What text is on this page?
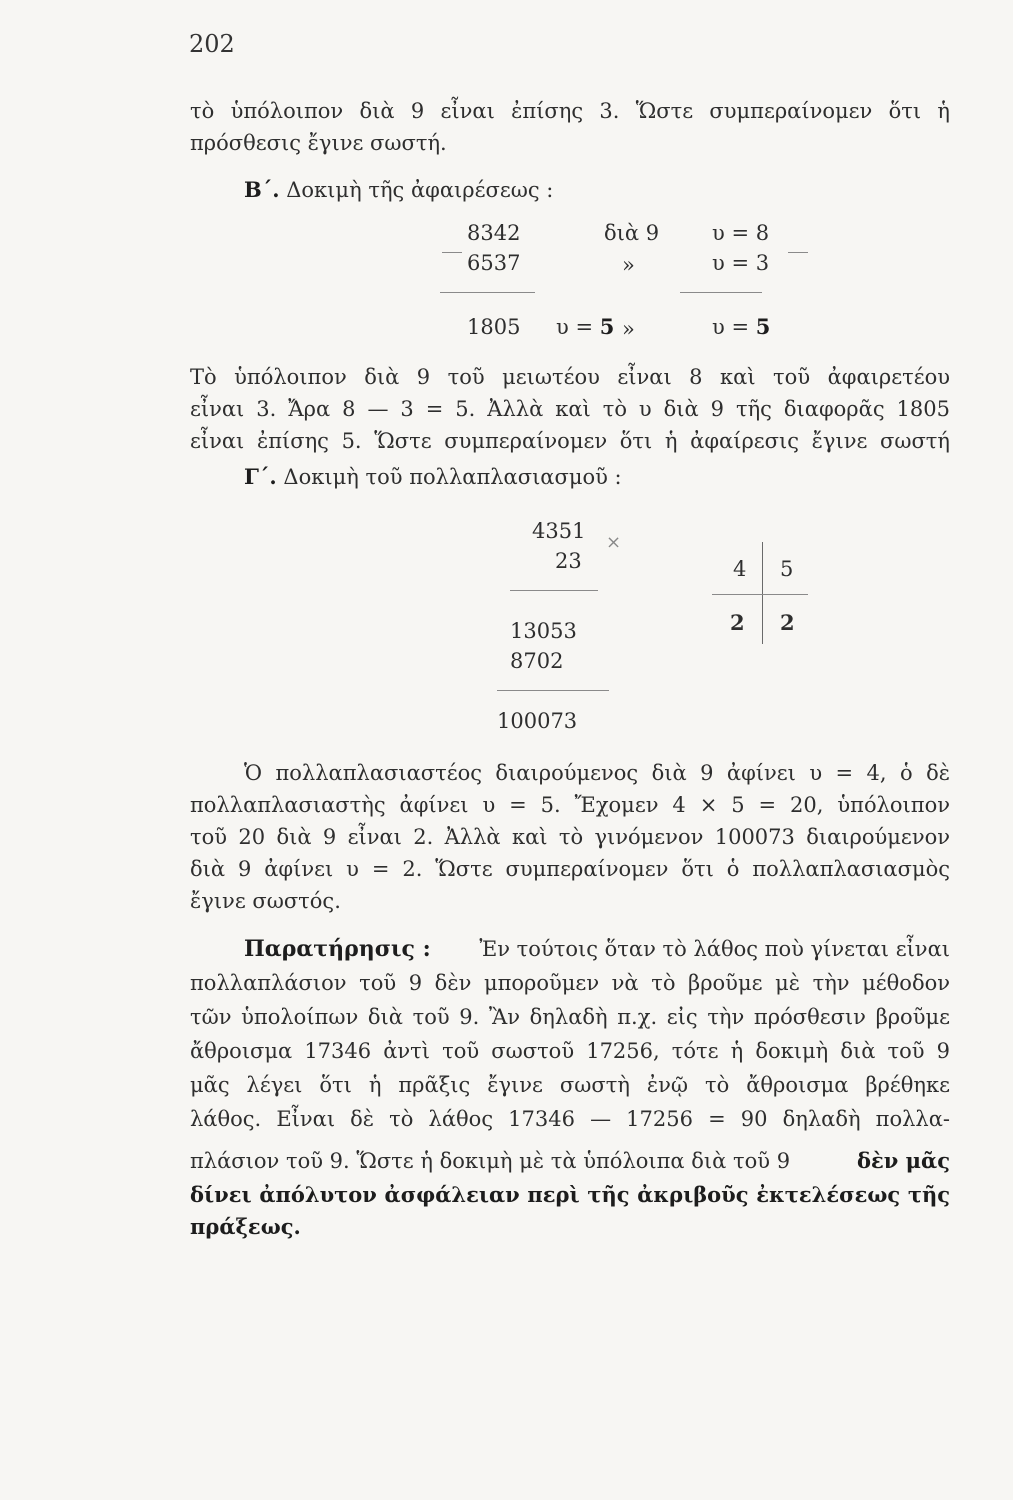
202
τὸ ὑπόλοιπον διὰ 9 εἶναι ἐπίσης 3. Ὥστε συμπεραίνομεν ὅτι ἡ
πρόσθεσις ἔγινε σωστή.
Β΄. Δοκιμὴ τῆς ἀφαιρέσεως :
8342
6537
1805
διὰ 9
»
»
υ = 5
υ = 8
υ = 3
υ = 5
Τὸ ὑπόλοιπον διὰ 9 τοῦ μειωτέου εἶναι 8 καὶ τοῦ ἀφαιρετέου
εἶναι 3. Ἄρα 8 — 3 = 5. Ἀλλὰ καὶ τὸ υ διὰ 9 τῆς διαφορᾶς 1805
εἶναι ἐπίσης 5. Ὥστε συμπεραίνομεν ὅτι ἡ ἀφαίρεσις ἔγινε σωστή
Γ΄. Δοκιμὴ τοῦ πολλαπλασιασμοῦ :
4351 ×
23
13053
8702
100073
4 5
2 2
Ὁ πολλαπλασιαστέος διαιρούμενος διὰ 9 ἀφίνει υ = 4, ὁ δὲ
πολλαπλασιαστὴς ἀφίνει υ = 5. Ἔχομεν 4 × 5 = 20, ὑπόλοιπον
τοῦ 20 διὰ 9 εἶναι 2. Ἀλλὰ καὶ τὸ γινόμενον 100073 διαιρούμενον
διὰ 9 ἀφίνει υ = 2. Ὥστε συμπεραίνομεν ὅτι ὁ πολλαπλασιασμὸς
ἔγινε σωστός.
Παρατήρησις : Ἐν τούτοις ὅταν τὸ λάθος ποὺ γίνεται εἶναι
πολλαπλάσιον τοῦ 9 δὲν μποροῦμεν νὰ τὸ βροῦμε μὲ τὴν μέθοδον
τῶν ὑπολοίπων διὰ τοῦ 9. Ἂν δηλαδὴ π.χ. εἰς τὴν πρόσθεσιν βροῦμε
ἄθροισμα 17346 ἀντὶ τοῦ σωστοῦ 17256, τότε ἡ δοκιμὴ διὰ τοῦ 9
μᾶς λέγει ὅτι ἡ πρᾶξις ἔγινε σωστὴ ἐνῷ τὸ ἄθροισμα βρέθηκε
λάθος. Εἶναι δὲ τὸ λάθος 17346 — 17256 = 90 δηλαδὴ πολλα-
πλάσιον τοῦ 9. Ὥστε ἡ δοκιμὴ μὲ τὰ ὑπόλοιπα διὰ τοῦ 9	δὲν μᾶς
δίνει ἀπόλυτον ἀσφάλειαν περὶ τῆς ἀκριβοῦς ἐκτελέσεως τῆς
πράξεως.
